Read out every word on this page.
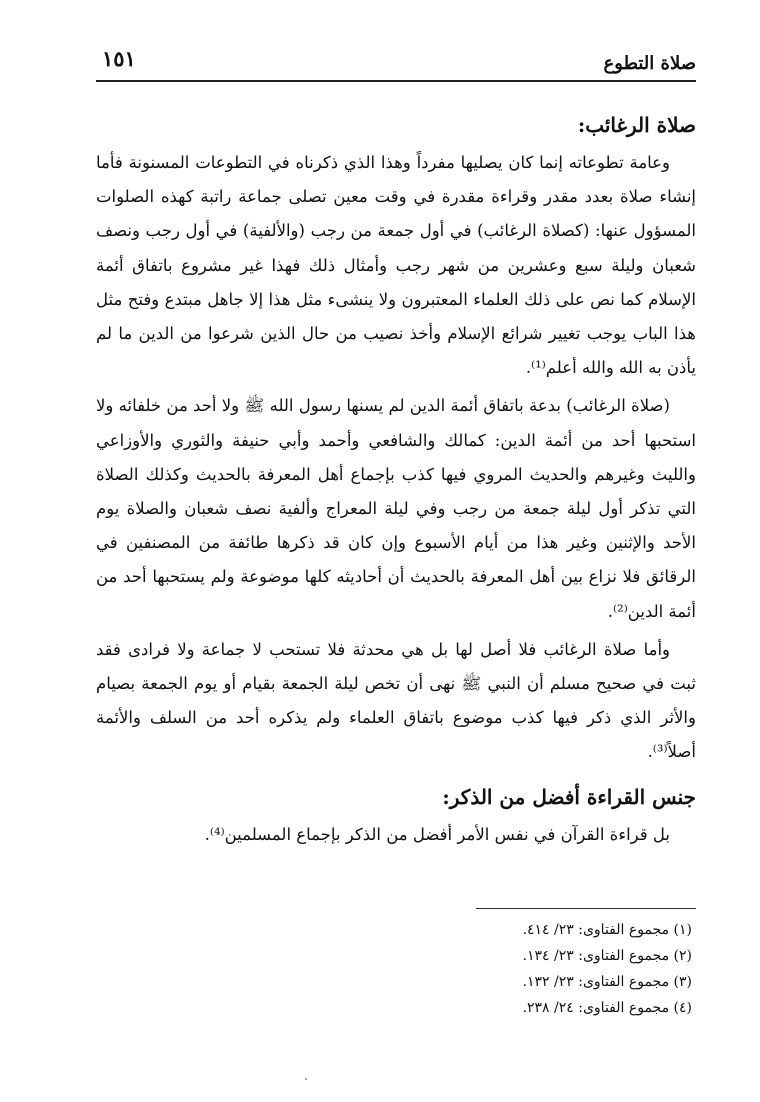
صلاة التطوع
١٥١
صلاة الرغائب:

وعامة تطوعاته إنما كان يصليها مفرداً وهذا الذي ذكرناه في التطوعات المسنونة فأما إنشاء صلاة بعدد مقدر وقراءة مقدرة في وقت معين تصلى جماعة راتبة كهذه الصلوات المسؤول عنها: (كصلاة الرغائب) في أول جمعة من رجب (والألفية) في أول رجب ونصف شعبان وليلة سبع وعشرين من شهر رجب وأمثال ذلك فهذا غير مشروع باتفاق أئمة الإسلام كما نص على ذلك العلماء المعتبرون ولا ينشىء مثل هذا إلا جاهل مبتدع وفتح مثل هذا الباب يوجب تغيير شرائع الإسلام وأخذ نصيب من حال الذين شرعوا من الدين ما لم يأذن به الله والله أعلم⁽¹⁾.

(صلاة الرغائب) بدعة باتفاق أئمة الدين لم يسنها رسول الله ﷺ ولا أحد من خلفائه ولا استحبها أحد من أئمة الدين: كمالك والشافعي وأحمد وأبي حنيفة والثوري والأوزاعي والليث وغيرهم والحديث المروي فيها كذب بإجماع أهل المعرفة بالحديث وكذلك الصلاة التي تذكر أول ليلة جمعة من رجب وفي ليلة المعراج وألفية نصف شعبان والصلاة يوم الأحد والإثنين وغير هذا من أيام الأسبوع وإن كان قد ذكرها طائفة من المصنفين في الرقائق فلا نزاع بين أهل المعرفة بالحديث أن أحاديثه كلها موضوعة ولم يستحبها أحد من أئمة الدين⁽²⁾.

وأما صلاة الرغائب فلا أصل لها بل هي محدثة فلا تستحب لا جماعة ولا فرادى فقد ثبت في صحيح مسلم أن النبي ﷺ نهى أن تخص ليلة الجمعة بقيام أو يوم الجمعة بصيام والأثر الذي ذكر فيها كذب موضوع باتفاق العلماء ولم يذكره أحد من السلف والأئمة أصلاً⁽³⁾.

جنس القراءة أفضل من الذكر:

بل قراءة القرآن في نفس الأمر أفضل من الذكر بإجماع المسلمين⁽⁴⁾.

(١) مجموع الفتاوى: ٢٣/ ٤١٤.
(٢) مجموع الفتاوى: ٢٣/ ١٣٤.
(٣) مجموع الفتاوى: ٢٣/ ١٣٢.
(٤) مجموع الفتاوى: ٢٤/ ٢٣٨.
